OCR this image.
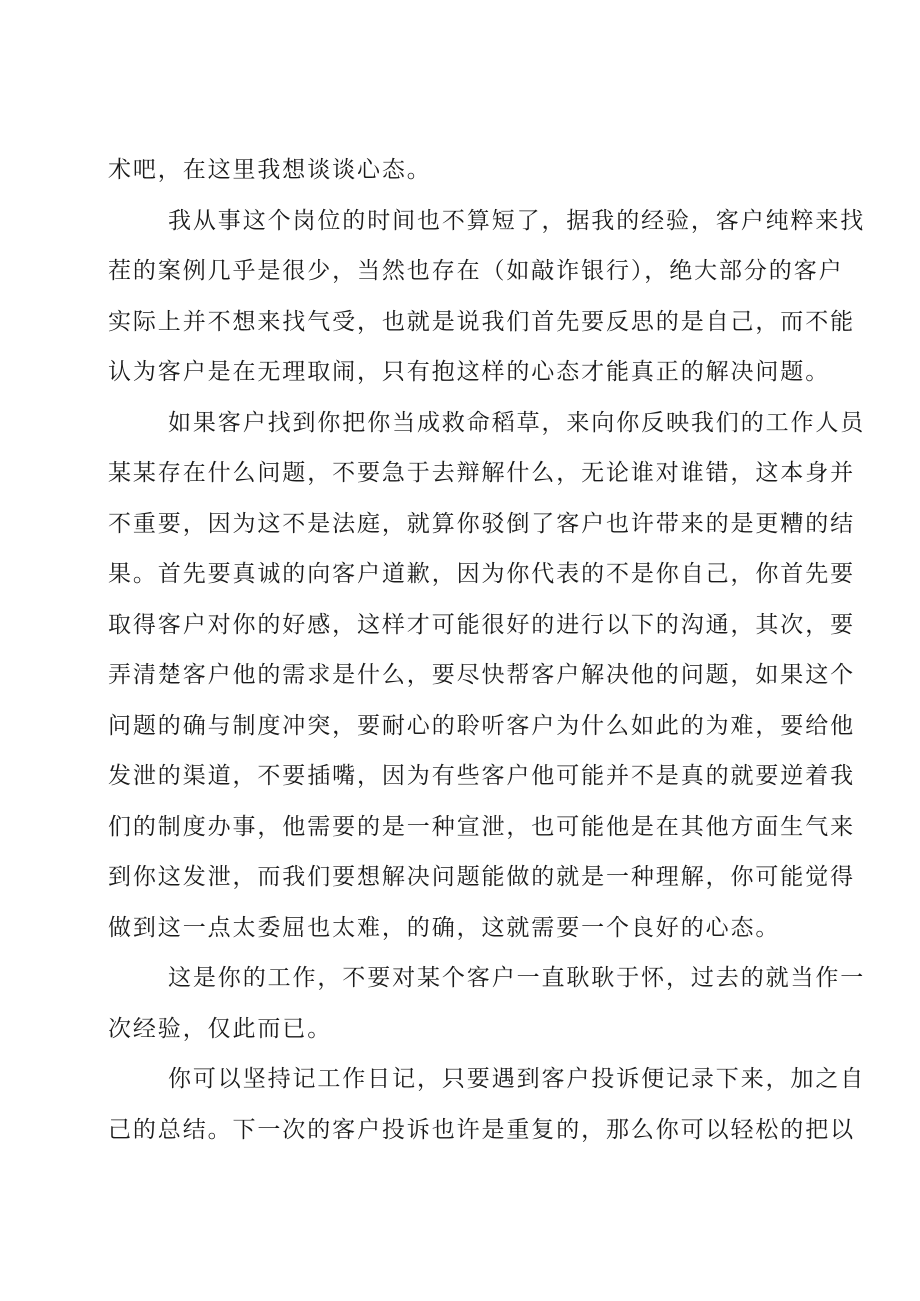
术吧，在这里我想谈谈心态。
我从事这个岗位的时间也不算短了，据我的经验，客户纯粹来找
茬的案例几乎是很少，当然也存在（如敲诈银行），绝大部分的客户
实际上并不想来找气受，也就是说我们首先要反思的是自己，而不能
认为客户是在无理取闹，只有抱这样的心态才能真正的解决问题。
如果客户找到你把你当成救命稻草，来向你反映我们的工作人员
某某存在什么问题，不要急于去辩解什么，无论谁对谁错，这本身并
不重要，因为这不是法庭，就算你驳倒了客户也许带来的是更糟的结
果。首先要真诚的向客户道歉，因为你代表的不是你自己，你首先要
取得客户对你的好感，这样才可能很好的进行以下的沟通，其次，要
弄清楚客户他的需求是什么，要尽快帮客户解决他的问题，如果这个
问题的确与制度冲突，要耐心的聆听客户为什么如此的为难，要给他
发泄的渠道，不要插嘴，因为有些客户他可能并不是真的就要逆着我
们的制度办事，他需要的是一种宣泄，也可能他是在其他方面生气来
到你这发泄，而我们要想解决问题能做的就是一种理解，你可能觉得
做到这一点太委屈也太难，的确，这就需要一个良好的心态。
这是你的工作，不要对某个客户一直耿耿于怀，过去的就当作一
次经验，仅此而已。
你可以坚持记工作日记，只要遇到客户投诉便记录下来，加之自
己的总结。下一次的客户投诉也许是重复的，那么你可以轻松的把以
